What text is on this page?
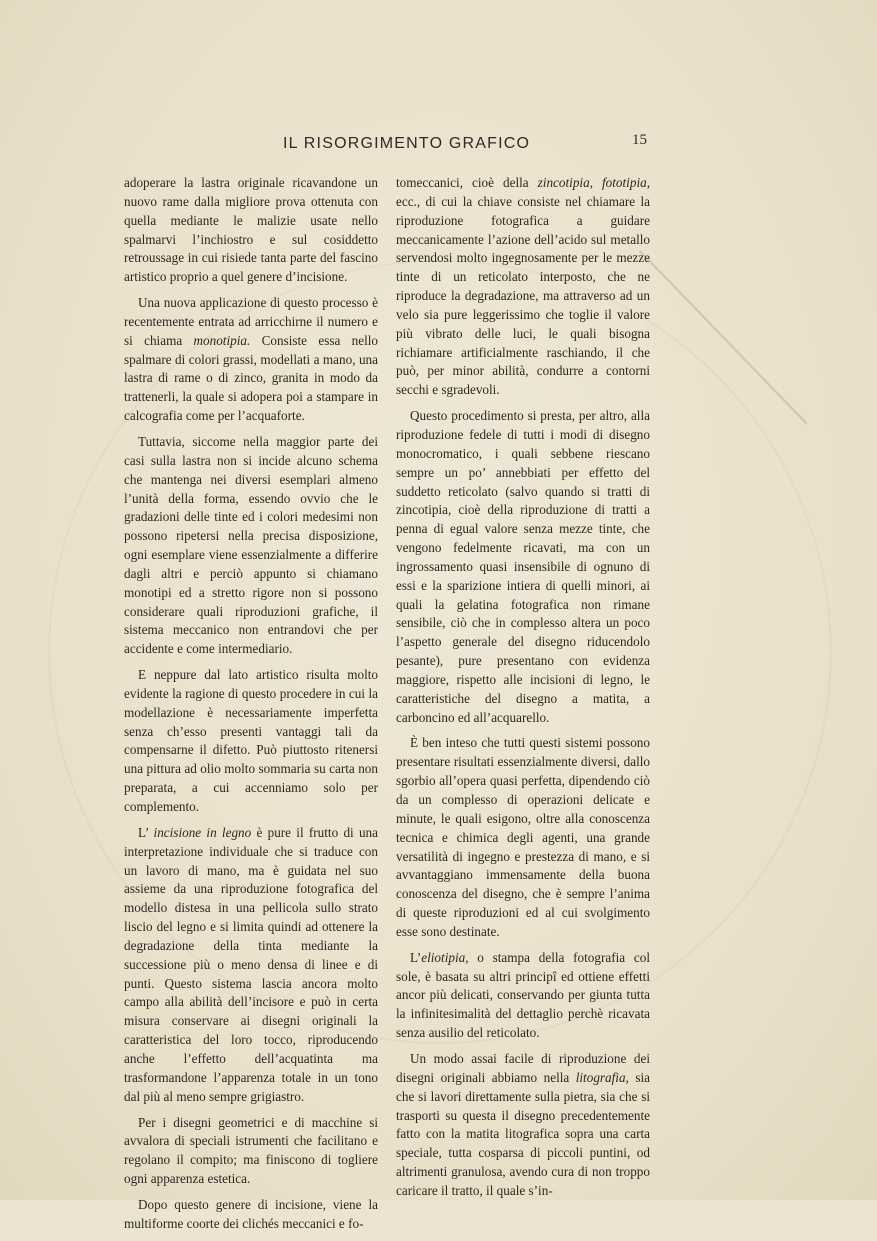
IL RISORGIMENTO GRAFICO	15

adoperare la lastra originale ricavandone un nuovo rame dalla migliore prova ottenuta con quella mediante le malizie usate nello spalmarvi l’inchiostro e sul cosiddetto retroussage in cui risiede tanta parte del fascino artistico proprio a quel genere d’incisione.

Una nuova applicazione di questo processo è recentemente entrata ad arricchirne il numero e si chiama monotipia. Consiste essa nello spalmare di colori grassi, modellati a mano, una lastra di rame o di zinco, granita in modo da trattenerli, la quale si adopera poi a stampare in calcografia come per l’acquaforte.

Tuttavia, siccome nella maggior parte dei casi sulla lastra non si incide alcuno schema che mantenga nei diversi esemplari almeno l’unità della forma, essendo ovvio che le gradazioni delle tinte ed i colori medesimi non possono ripetersi nella precisa disposizione, ogni esemplare viene essenzialmente a differire dagli altri e perciò appunto si chiamano monotipi ed a stretto rigore non si possono considerare quali riproduzioni grafiche, il sistema meccanico non entrandovi che per accidente e come intermediario.

E neppure dal lato artistico risulta molto evidente la ragione di questo procedere in cui la modellazione è necessariamente imperfetta senza ch’esso presenti vantaggi tali da compensarne il difetto. Può piuttosto ritenersi una pittura ad olio molto sommaria su carta non preparata, a cui accenniamo solo per complemento.

L’ incisione in legno è pure il frutto di una interpretazione individuale che si traduce con un lavoro di mano, ma è guidata nel suo assieme da una riproduzione fotografica del modello distesa in una pellicola sullo strato liscio del legno e si limita quindi ad ottenere la degradazione della tinta mediante la successione più o meno densa di linee e di punti. Questo sistema lascia ancora molto campo alla abilità dell’incisore e può in certa misura conservare ai disegni originali la caratteristica del loro tocco, riproducendo anche l’effetto dell’acquatinta ma trasformandone l’apparenza totale in un tono dal più al meno sempre grigiastro.

Per i disegni geometrici e di macchine si avvalora di speciali istrumenti che facilitano e regolano il compito; ma finiscono di togliere ogni apparenza estetica.

Dopo questo genere di incisione, viene la multiforme coorte dei clichés meccanici e fo-

tomeccanici, cioè della zincotipia, fototipia, ecc., di cui la chiave consiste nel chiamare la riproduzione fotografica a guidare meccanicamente l’azione dell’acido sul metallo servendosi molto ingegnosamente per le mezze tinte di un reticolato interposto, che ne riproduce la degradazione, ma attraverso ad un velo sia pure leggerissimo che toglie il valore più vibrato delle luci, le quali bisogna richiamare artificialmente raschiando, il che può, per minor abilità, condurre a contorni secchi e sgradevoli.

Questo procedimento si presta, per altro, alla riproduzione fedele di tutti i modi di disegno monocromatico, i quali sebbene riescano sempre un po’ annebbiati per effetto del suddetto reticolato (salvo quando si tratti di zincotipia, cioè della riproduzione di tratti a penna di egual valore senza mezze tinte, che vengono fedelmente ricavati, ma con un ingrossamento quasi insensibile di ognuno di essi e la sparizione intiera di quelli minori, ai quali la gelatina fotografica non rimane sensibile, ciò che in complesso altera un poco l’aspetto generale del disegno riducendolo pesante), pure presentano con evidenza maggiore, rispetto alle incisioni di legno, le caratteristiche del disegno a matita, a carboncino ed all’acquarello.

È ben inteso che tutti questi sistemi possono presentare risultati essenzialmente diversi, dallo sgorbio all’opera quasi perfetta, dipendendo ciò da un complesso di operazioni delicate e minute, le quali esigono, oltre alla conoscenza tecnica e chimica degli agenti, una grande versatilità di ingegno e prestezza di mano, e si avvantaggiano immensamente della buona conoscenza del disegno, che è sempre l’anima di queste riproduzioni ed al cui svolgimento esse sono destinate.

L’eliotipia, o stampa della fotografia col sole, è basata su altri principî ed ottiene effetti ancor più delicati, conservando per giunta tutta la infinitesimalità del dettaglio perchè ricavata senza ausilio del reticolato.

Un modo assai facile di riproduzione dei disegni originali abbiamo nella litografia, sia che si lavori direttamente sulla pietra, sia che si trasporti su questa il disegno precedentemente fatto con la matita litografica sopra una carta speciale, tutta cosparsa di piccoli puntini, od altrimenti granulosa, avendo cura di non troppo caricare il tratto, il quale s’in-
